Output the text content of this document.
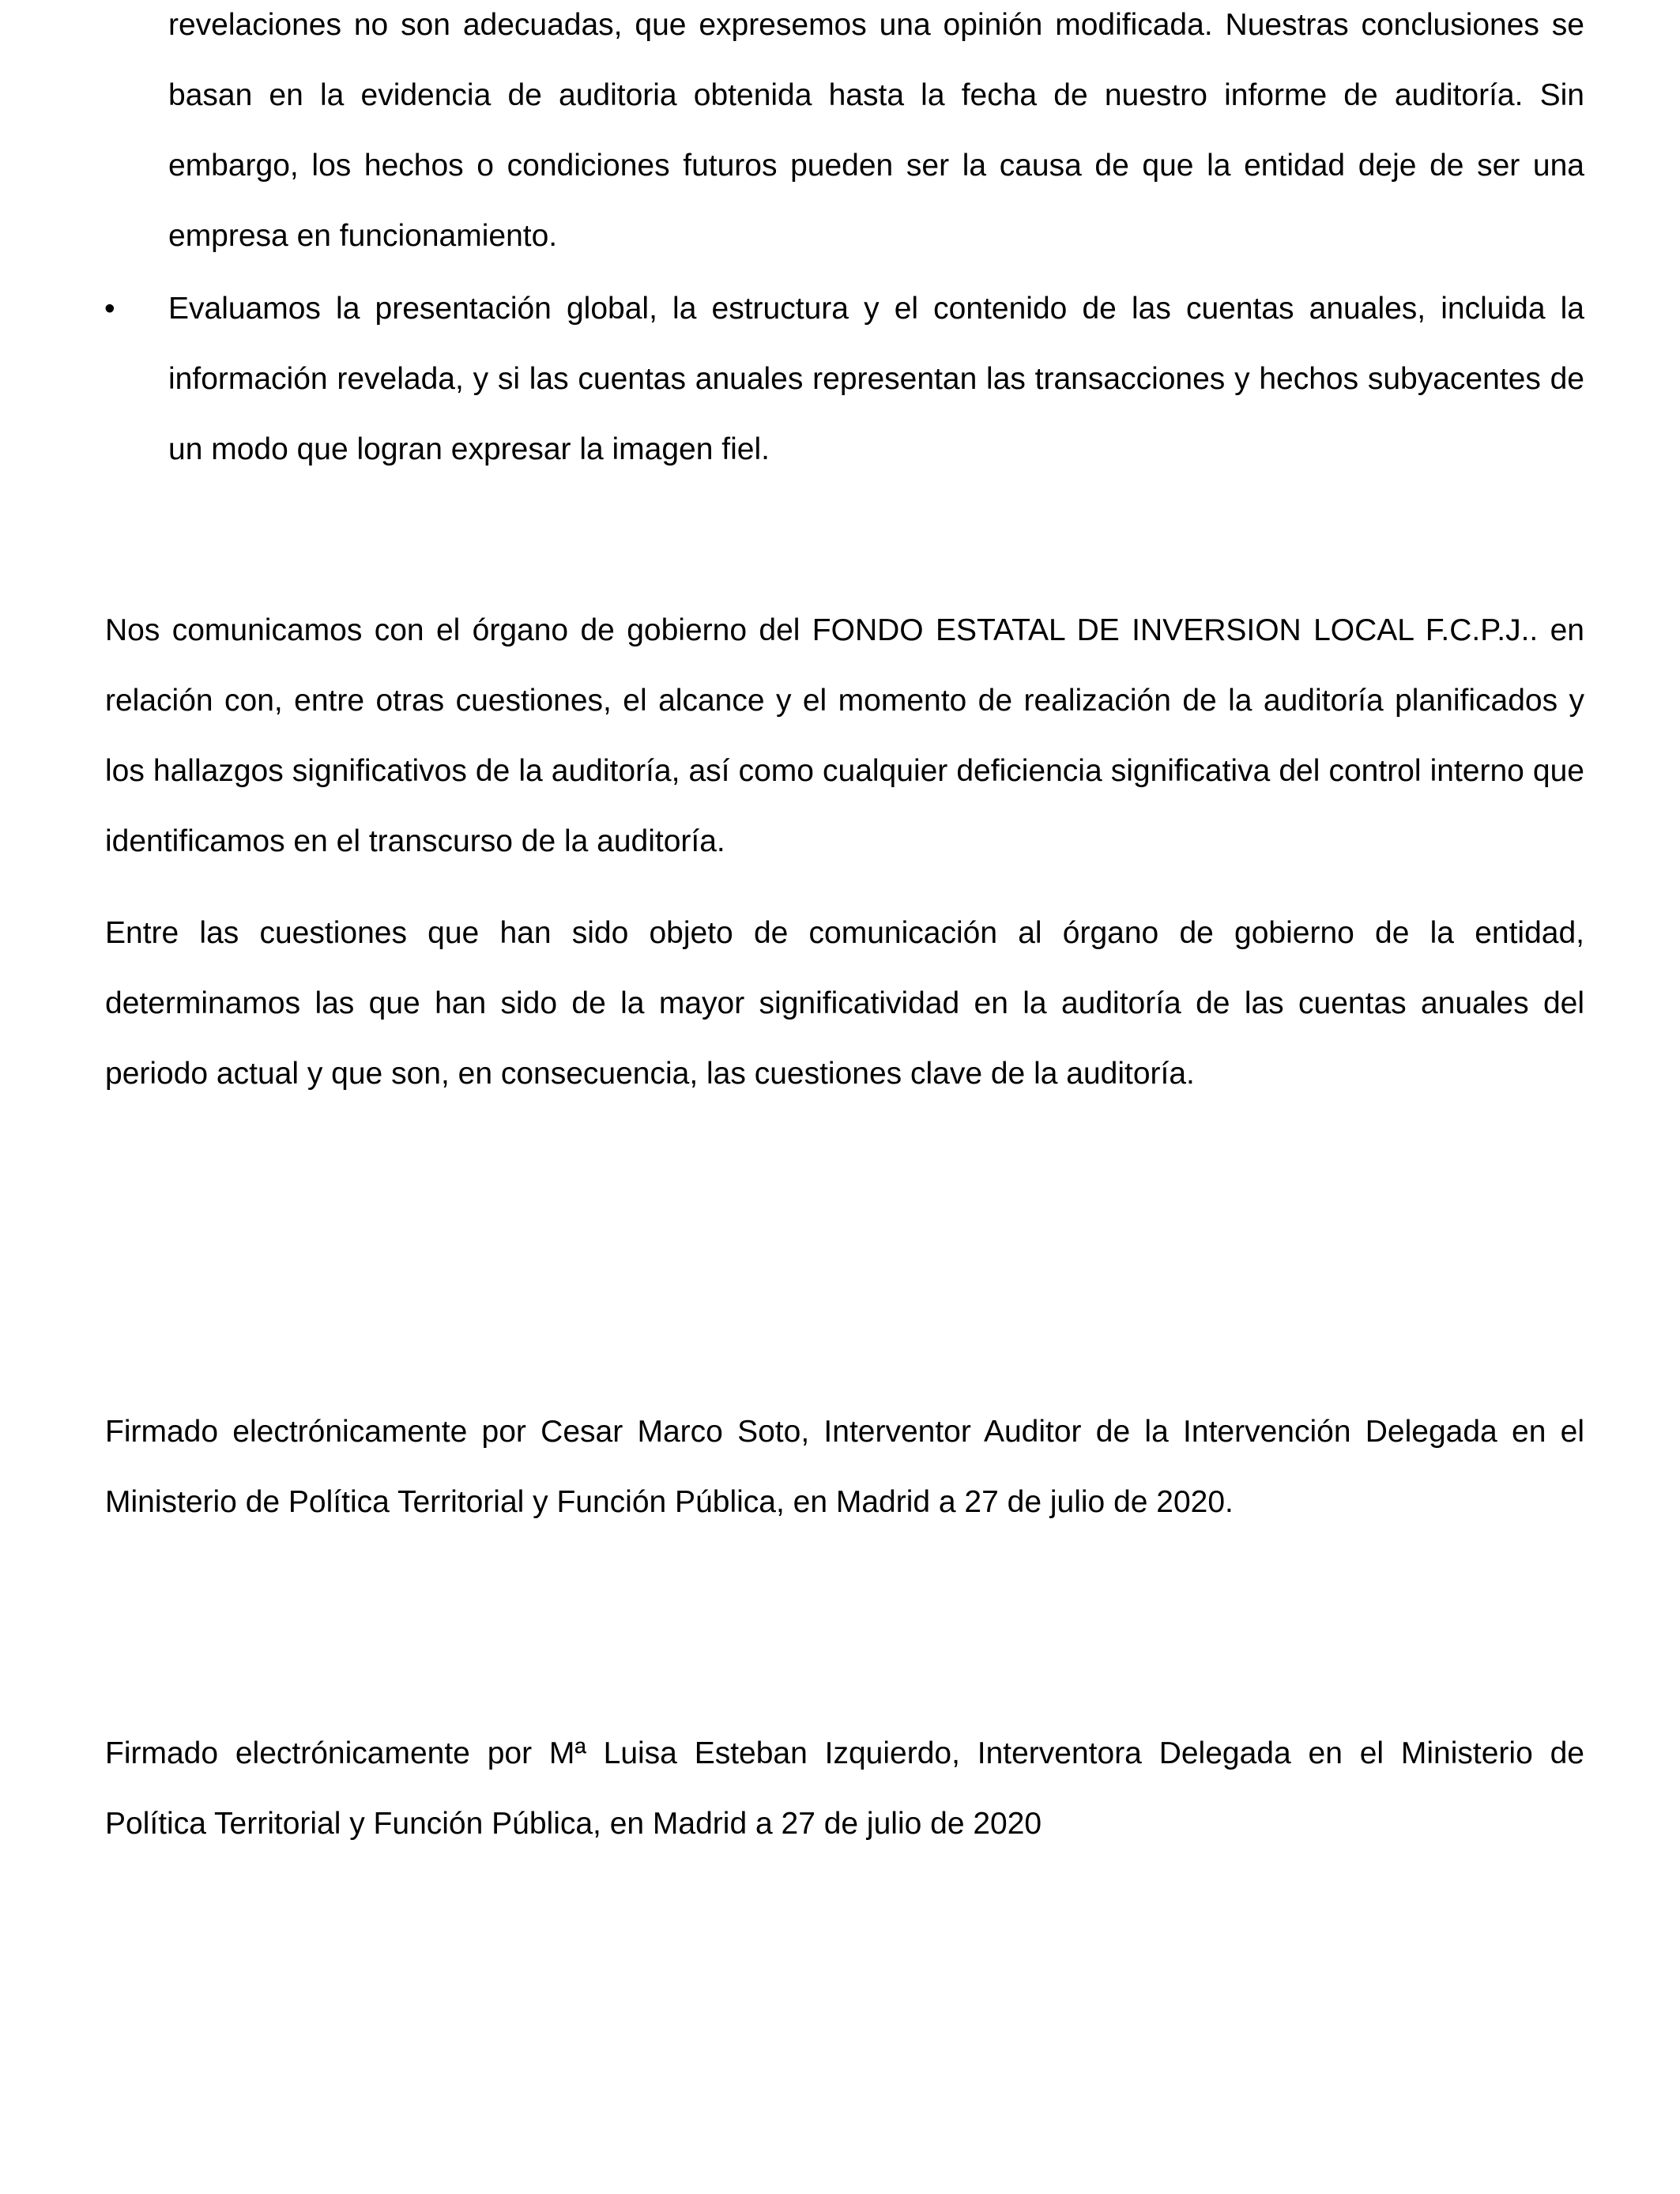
revelaciones no son adecuadas, que expresemos una opinión modificada. Nuestras conclusiones se basan en la evidencia de auditoria obtenida hasta la fecha de nuestro informe de auditoría. Sin embargo, los hechos o condiciones futuros pueden ser la causa de que la entidad deje de ser una empresa en funcionamiento.

•	Evaluamos la presentación global, la estructura y el contenido de las cuentas anuales, incluida la información revelada, y si las cuentas anuales representan las transacciones y hechos subyacentes de un modo que logran expresar la imagen fiel.

Nos comunicamos con el órgano de gobierno del FONDO ESTATAL DE INVERSION LOCAL F.C.P.J.. en relación con, entre otras cuestiones, el alcance y el momento de realización de la auditoría planificados y los hallazgos significativos de la auditoría, así como cualquier deficiencia significativa del control interno que identificamos en el transcurso de la auditoría.

Entre las cuestiones que han sido objeto de comunicación al órgano de gobierno de la entidad, determinamos las que han sido de la mayor significatividad en la auditoría de las cuentas anuales del periodo actual y que son, en consecuencia, las cuestiones clave de la auditoría.

Firmado electrónicamente por Cesar Marco Soto, Interventor Auditor de la Intervención Delegada en el Ministerio de Política Territorial y Función Pública, en Madrid a 27 de julio de 2020.

Firmado electrónicamente por Mª Luisa Esteban Izquierdo, Interventora Delegada en el Ministerio de Política Territorial y Función Pública, en Madrid a 27 de julio de 2020
